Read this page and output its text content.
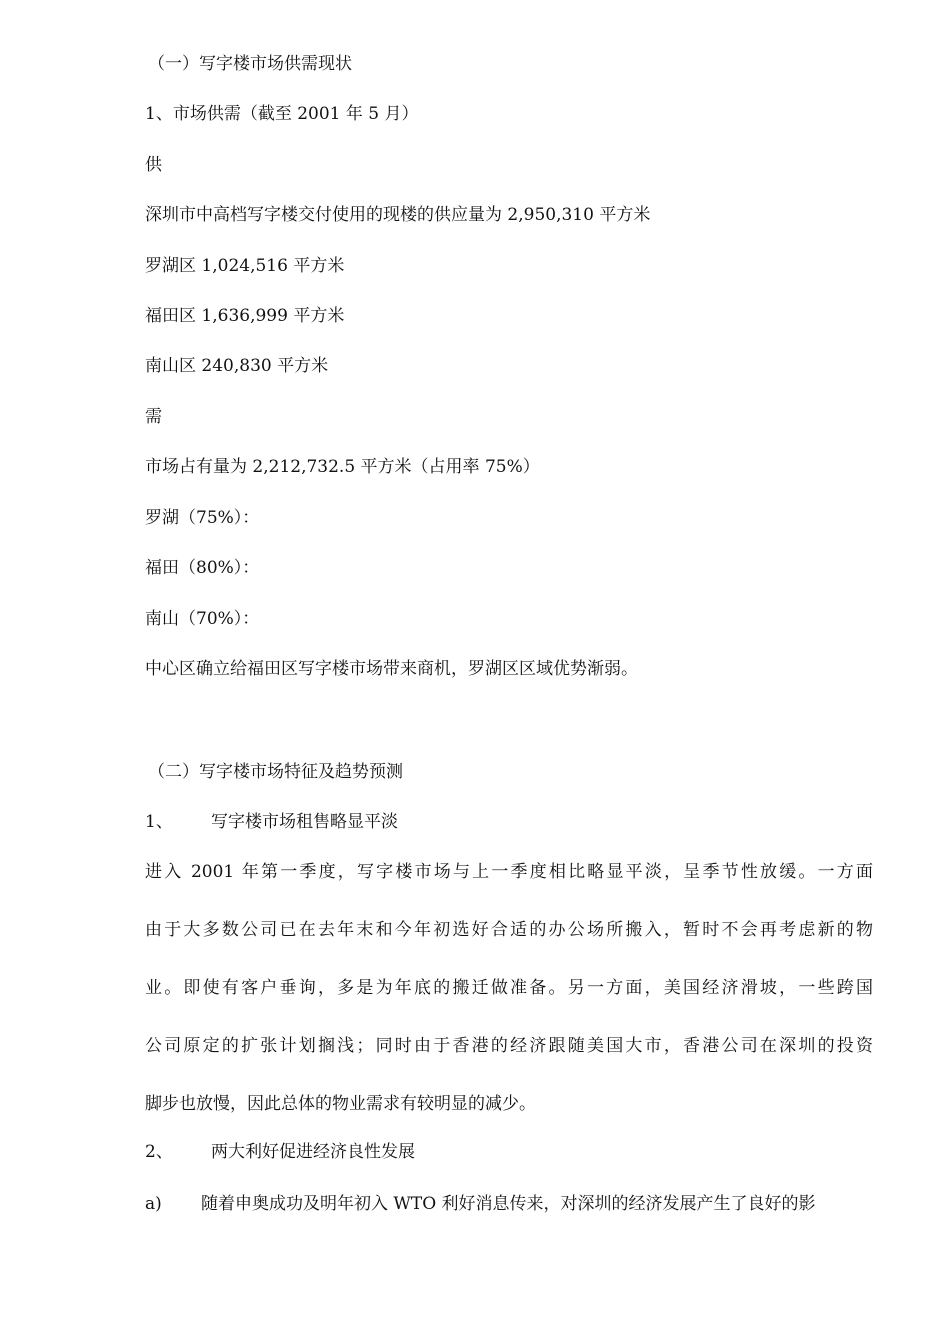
（一）写字楼市场供需现状
1、市场供需（截至 2001 年 5 月）
供
深圳市中高档写字楼交付使用的现楼的供应量为 2,950,310 平方米
罗湖区 1,024,516 平方米
福田区 1,636,999 平方米
南山区 240,830 平方米
需
市场占有量为 2,212,732.5 平方米（占用率 75%）
罗湖（75%）：
福田（80%）：
南山（70%）：
中心区确立给福田区写字楼市场带来商机，罗湖区区域优势渐弱。
（二）写字楼市场特征及趋势预测
1、 写字楼市场租售略显平淡
进入 2001 年第一季度，写字楼市场与上一季度相比略显平淡，呈季节性放缓。一方面
由于大多数公司已在去年末和今年初选好合适的办公场所搬入，暂时不会再考虑新的物
业。即使有客户垂询，多是为年底的搬迁做准备。另一方面，美国经济滑坡，一些跨国
公司原定的扩张计划搁浅；同时由于香港的经济跟随美国大市，香港公司在深圳的投资
脚步也放慢，因此总体的物业需求有较明显的减少。
2、 两大利好促进经济良性发展
a) 随着申奥成功及明年初入 WTO 利好消息传来，对深圳的经济发展产生了良好的影
